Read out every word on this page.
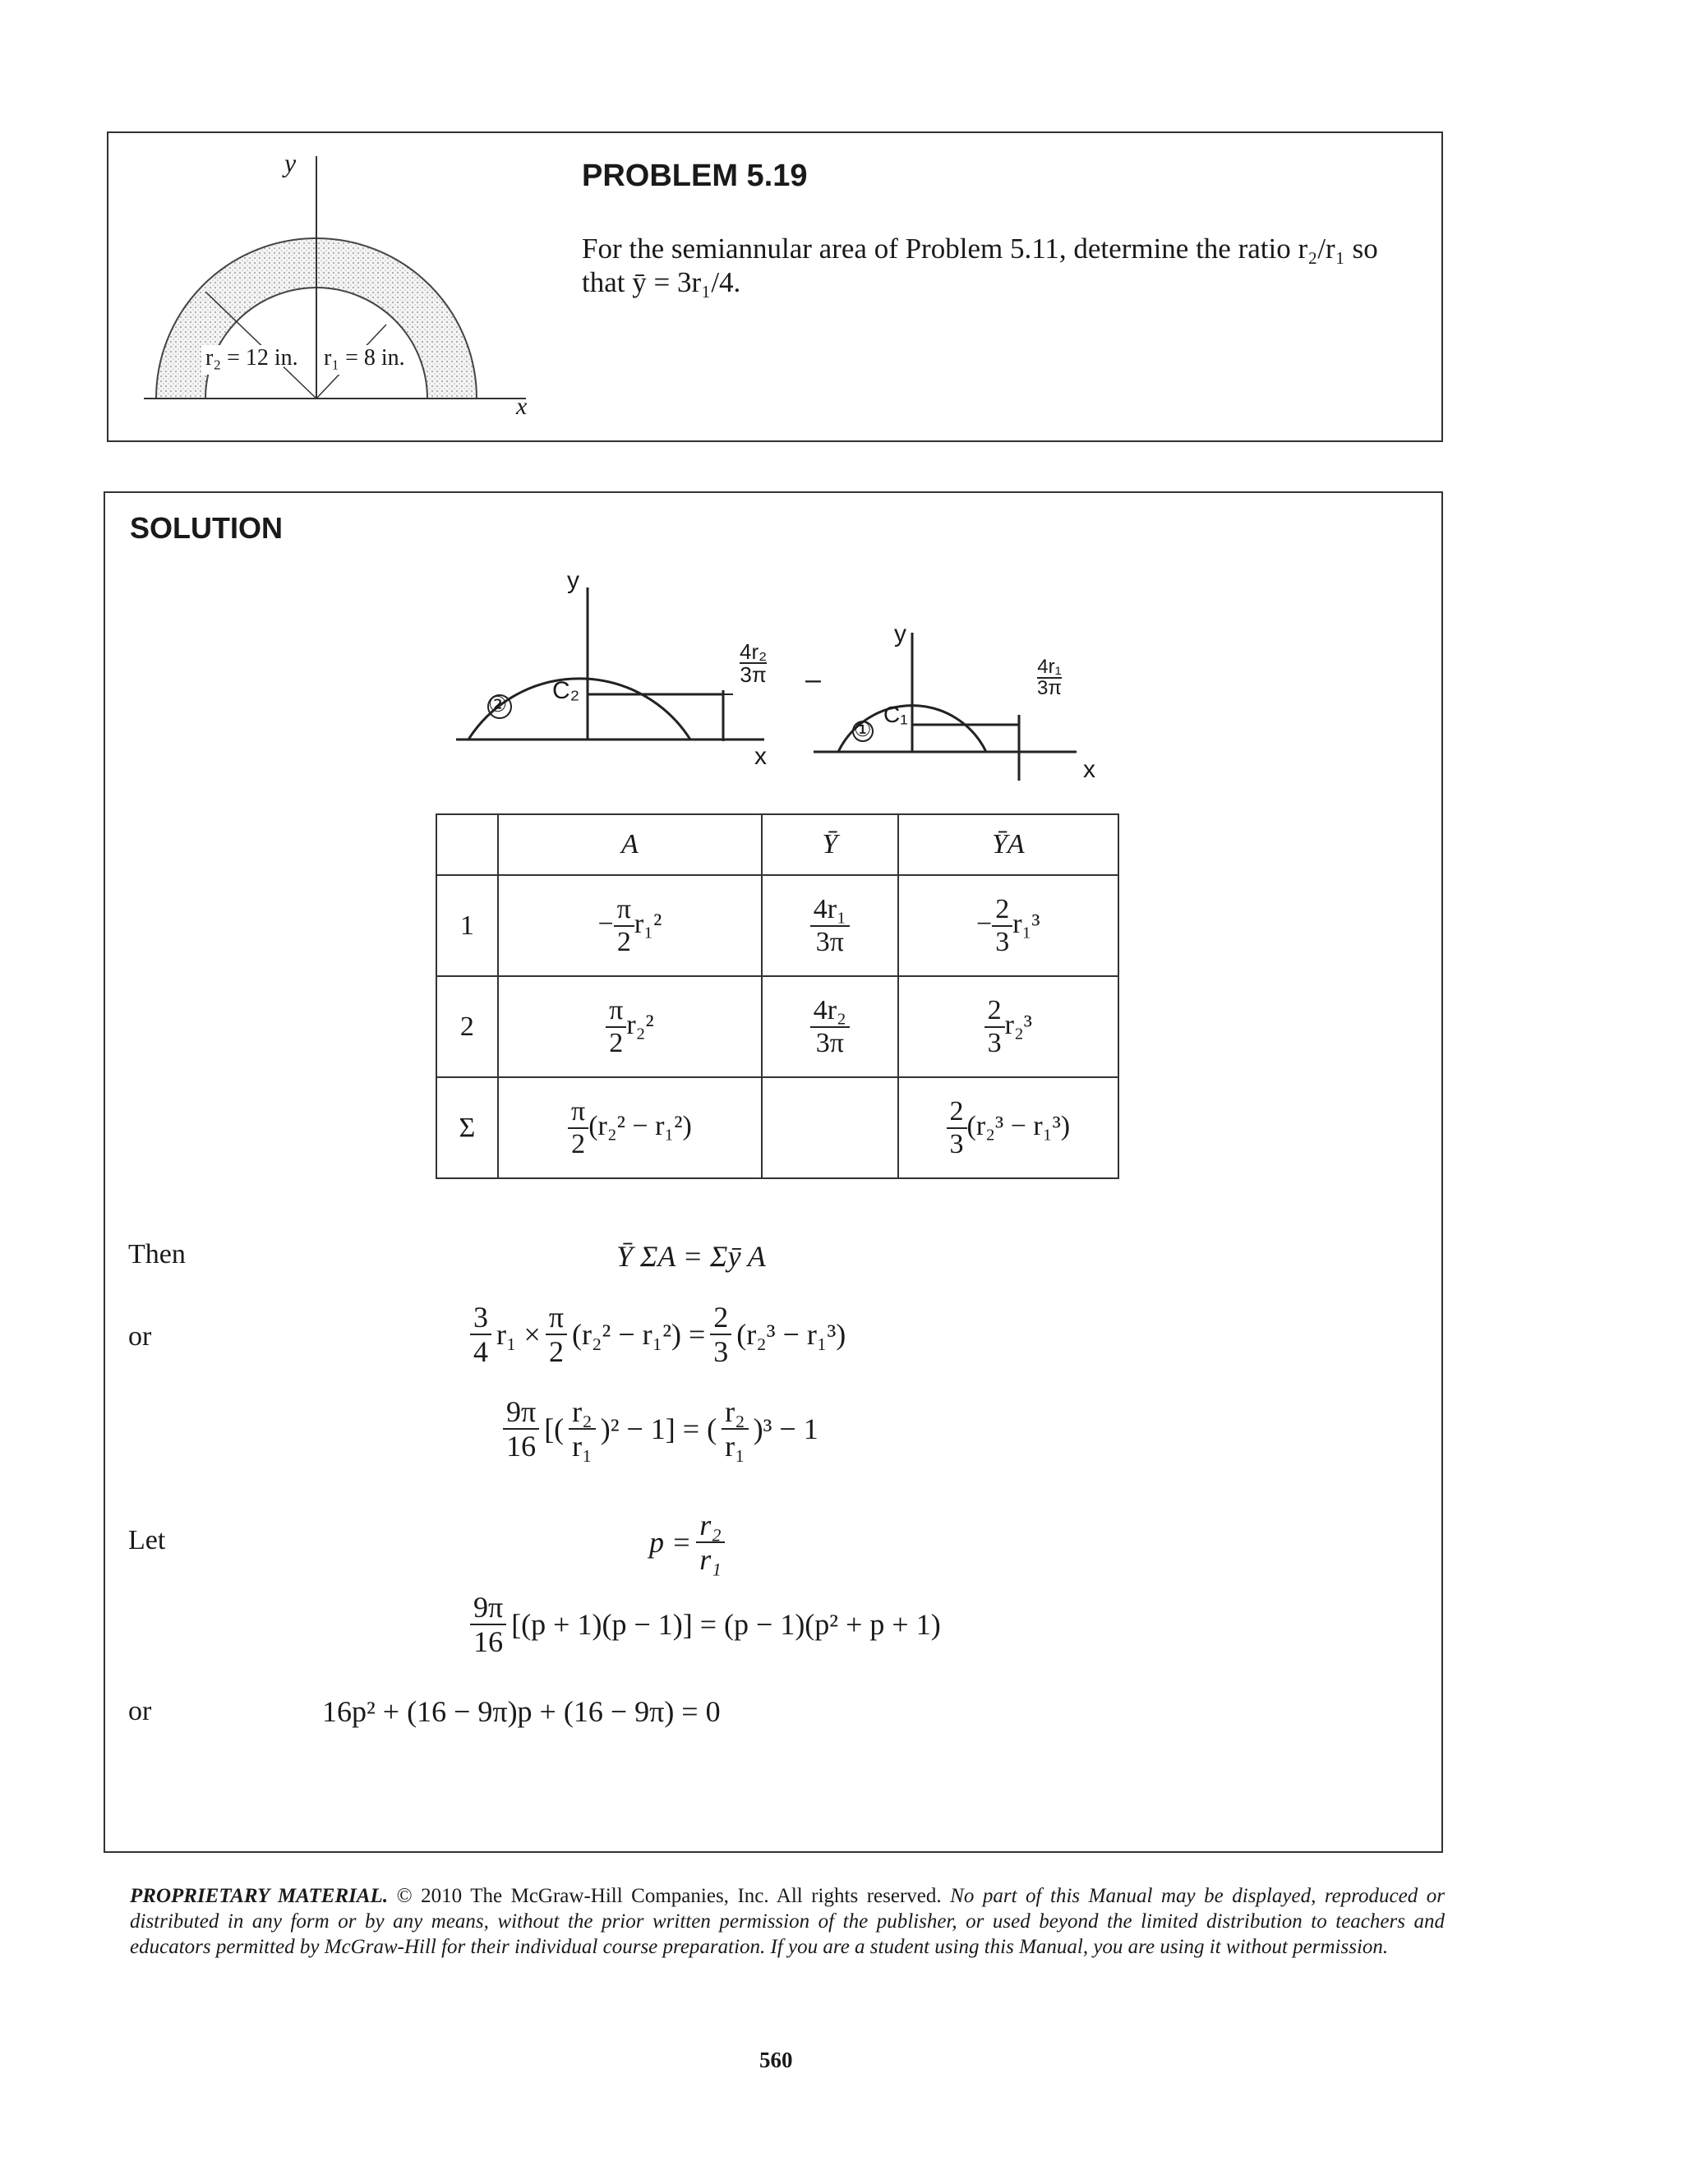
y
x
r₂ = 12 in. r₁ = 8 in.
PROBLEM 5.19
For the semiannular area of Problem 5.11, determine the ratio r₂/r₁ so
that ȳ = 3r₁/4.
SOLUTION
y
x
② C₂
$\frac{\text{4r₂}}{3\pi}$ –
y
①
C₁
$\frac{\text{4r₁}}{3\pi}$
x
	A	Ȳ	ȲA
1	− $\frac{\pi}{2} r_1^2$	$\frac{\text{4r₁}}{3\pi}$	− $\frac{2}{3} r_1^3$
2	$\frac{\pi}{2} r_2^2$	$\frac{\text{4r₂}}{3\pi}$	$\frac{2}{3} r_2^3$
Σ	$\frac{\pi}{2} (r_2^2 - r_1^2)$		$\frac{2}{3} (r_2^3 - r_1^3)$
Then	Ȳ ΣA = Σȳ A
or	$\frac{3}{4} r_1 \times \frac{\pi}{2} (r_2^2 - r_1^2) = \frac{2}{3} (r_2^3 - r_1^3)$
$\frac{9\pi}{16}$ [( $\frac{\text{r₂}}{\text{r₁}} )^2 - 1$] = ( $\frac{\text{r₂}}{\text{r₁}} )^3 - 1$
Let	$p = \frac{\text{r₂}}{\text{r₁}}$
$\frac{9\pi}{16} [(p + 1)(p - 1)] = (p - 1)(p^2 + p + 1)$
or	16p² + (16 − 9π)p + (16 − 9π) = 0
PROPRIETARY MATERIAL. © 2010 The McGraw-Hill Companies, Inc. All rights reserved. No part of this Manual may be displayed, reproduced or distributed in any form or by any means, without the prior written permission of the publisher, or used beyond the limited distribution to teachers and educators permitted by McGraw-Hill for their individual course preparation. If you are a student using this Manual, you are using it without permission.
560
